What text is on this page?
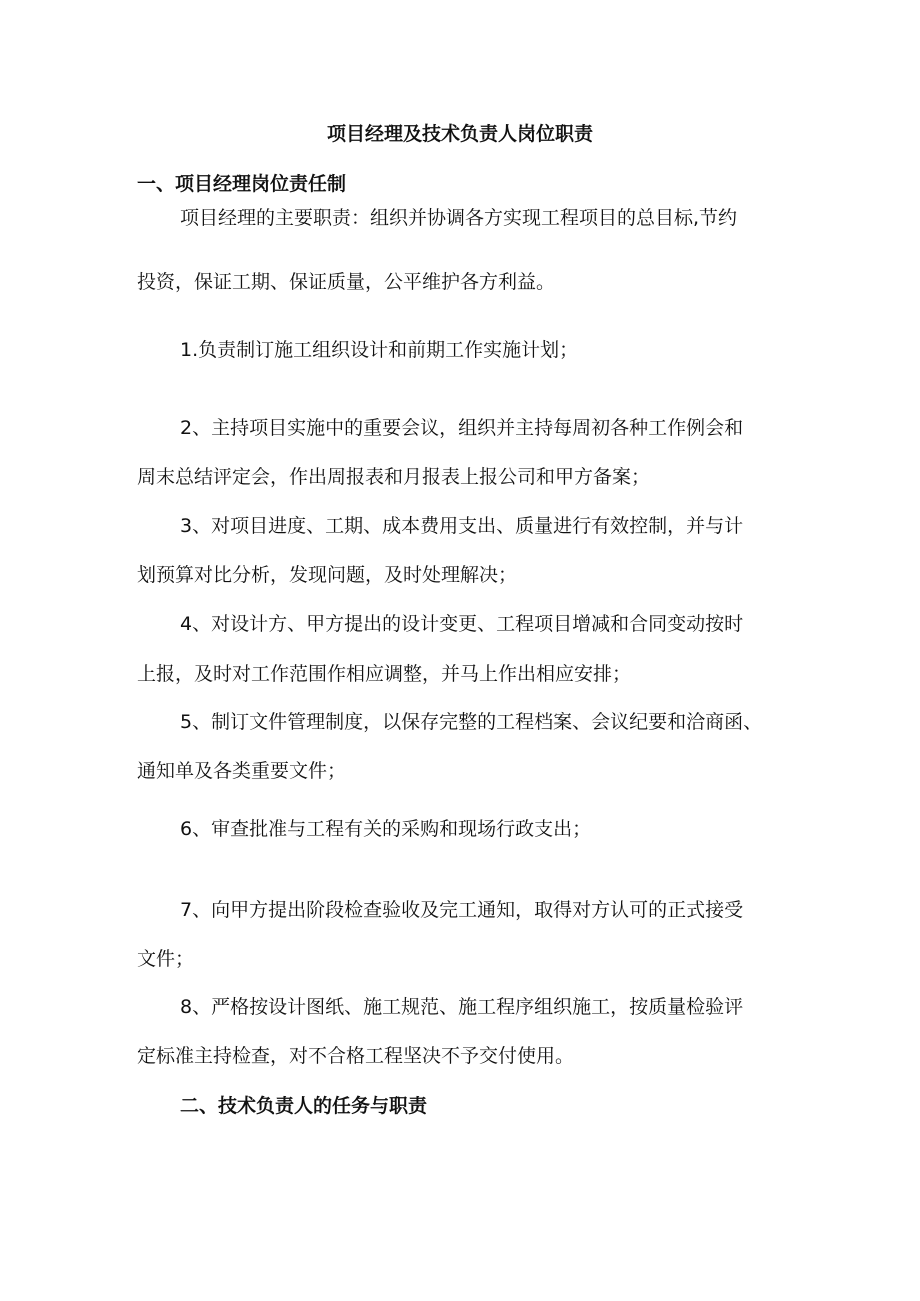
项目经理及技术负责人岗位职责
一、项目经理岗位责任制
项目经理的主要职责：组织并协调各方实现工程项目的总目标,节约
投资，保证工期、保证质量，公平维护各方利益。
1.负责制订施工组织设计和前期工作实施计划；
2、主持项目实施中的重要会议，组织并主持每周初各种工作例会和
周末总结评定会，作出周报表和月报表上报公司和甲方备案；
3、对项目进度、工期、成本费用支出、质量进行有效控制，并与计
划预算对比分析，发现问题，及时处理解决；
4、对设计方、甲方提出的设计变更、工程项目增减和合同变动按时
上报，及时对工作范围作相应调整，并马上作出相应安排；
5、制订文件管理制度，以保存完整的工程档案、会议纪要和洽商函、
通知单及各类重要文件；
6、审查批准与工程有关的采购和现场行政支出；
7、向甲方提出阶段检查验收及完工通知，取得对方认可的正式接受
文件；
8、严格按设计图纸、施工规范、施工程序组织施工，按质量检验评
定标准主持检查，对不合格工程坚决不予交付使用。
二、技术负责人的任务与职责
